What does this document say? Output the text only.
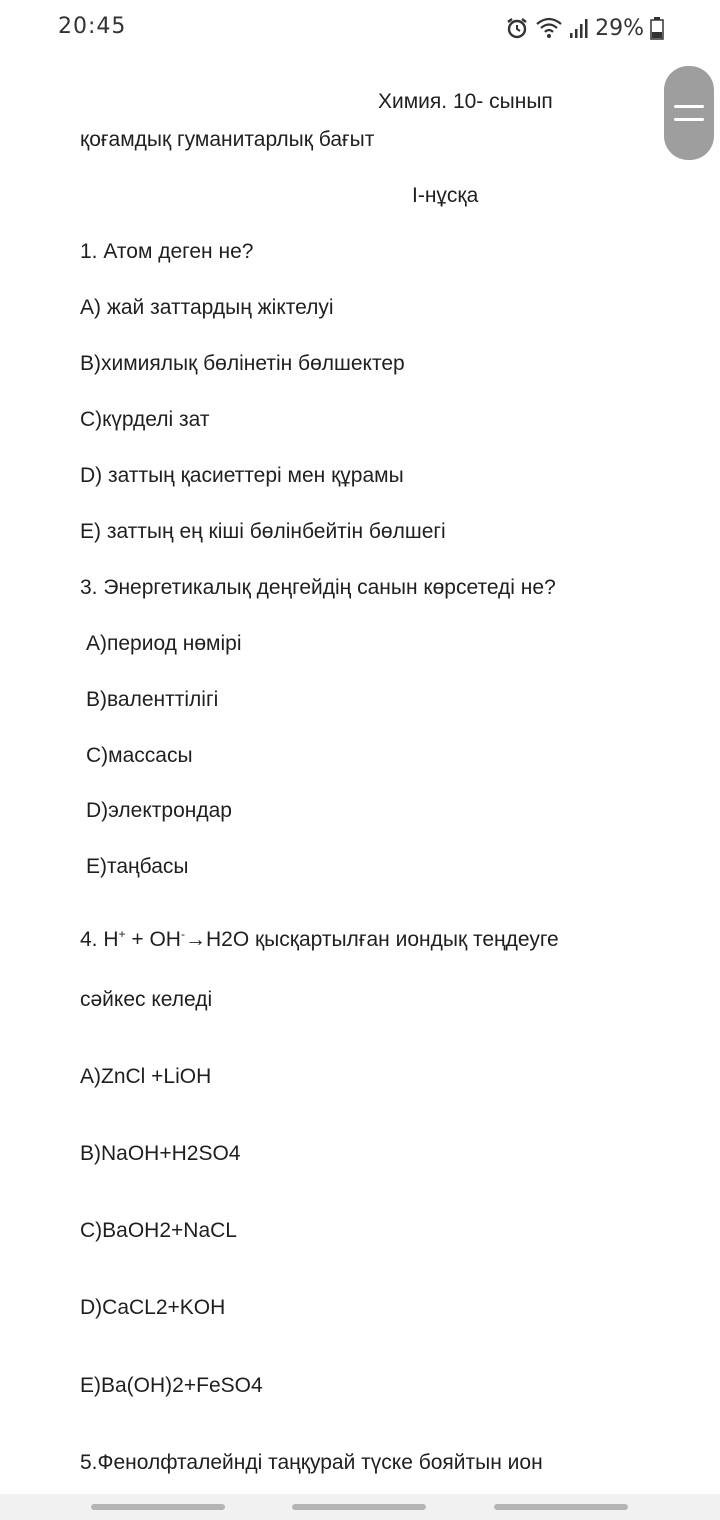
20:45	29%
Химия. 10- сынып
қоғамдық гуманитарлық бағыт
I-нұсқа
1. Атом деген не?
А) жай заттардың жіктелуі
В)химиялық бөлінетін бөлшектер
С)күрделі зат
D) заттың қасиеттері мен құрамы
Е) заттың ең кіші бөлінбейтін бөлшегі
3. Энергетикалық деңгейдің санын көрсетеді не?
А)период нөмірі
В)валенттілігі
С)массасы
D)электрондар
Е)таңбасы
4. H+ + OH-→H2O қысқартылған иондық теңдеуге
сәйкес келеді
А)ZnCl +LiOH
В)NaOH+H2SO4
С)BaOH2+NaCL
D)CaCL2+KOH
Е)Ba(OH)2+FeSO4
5.Фенолфталейнді таңқурай түске бояйтын ион
